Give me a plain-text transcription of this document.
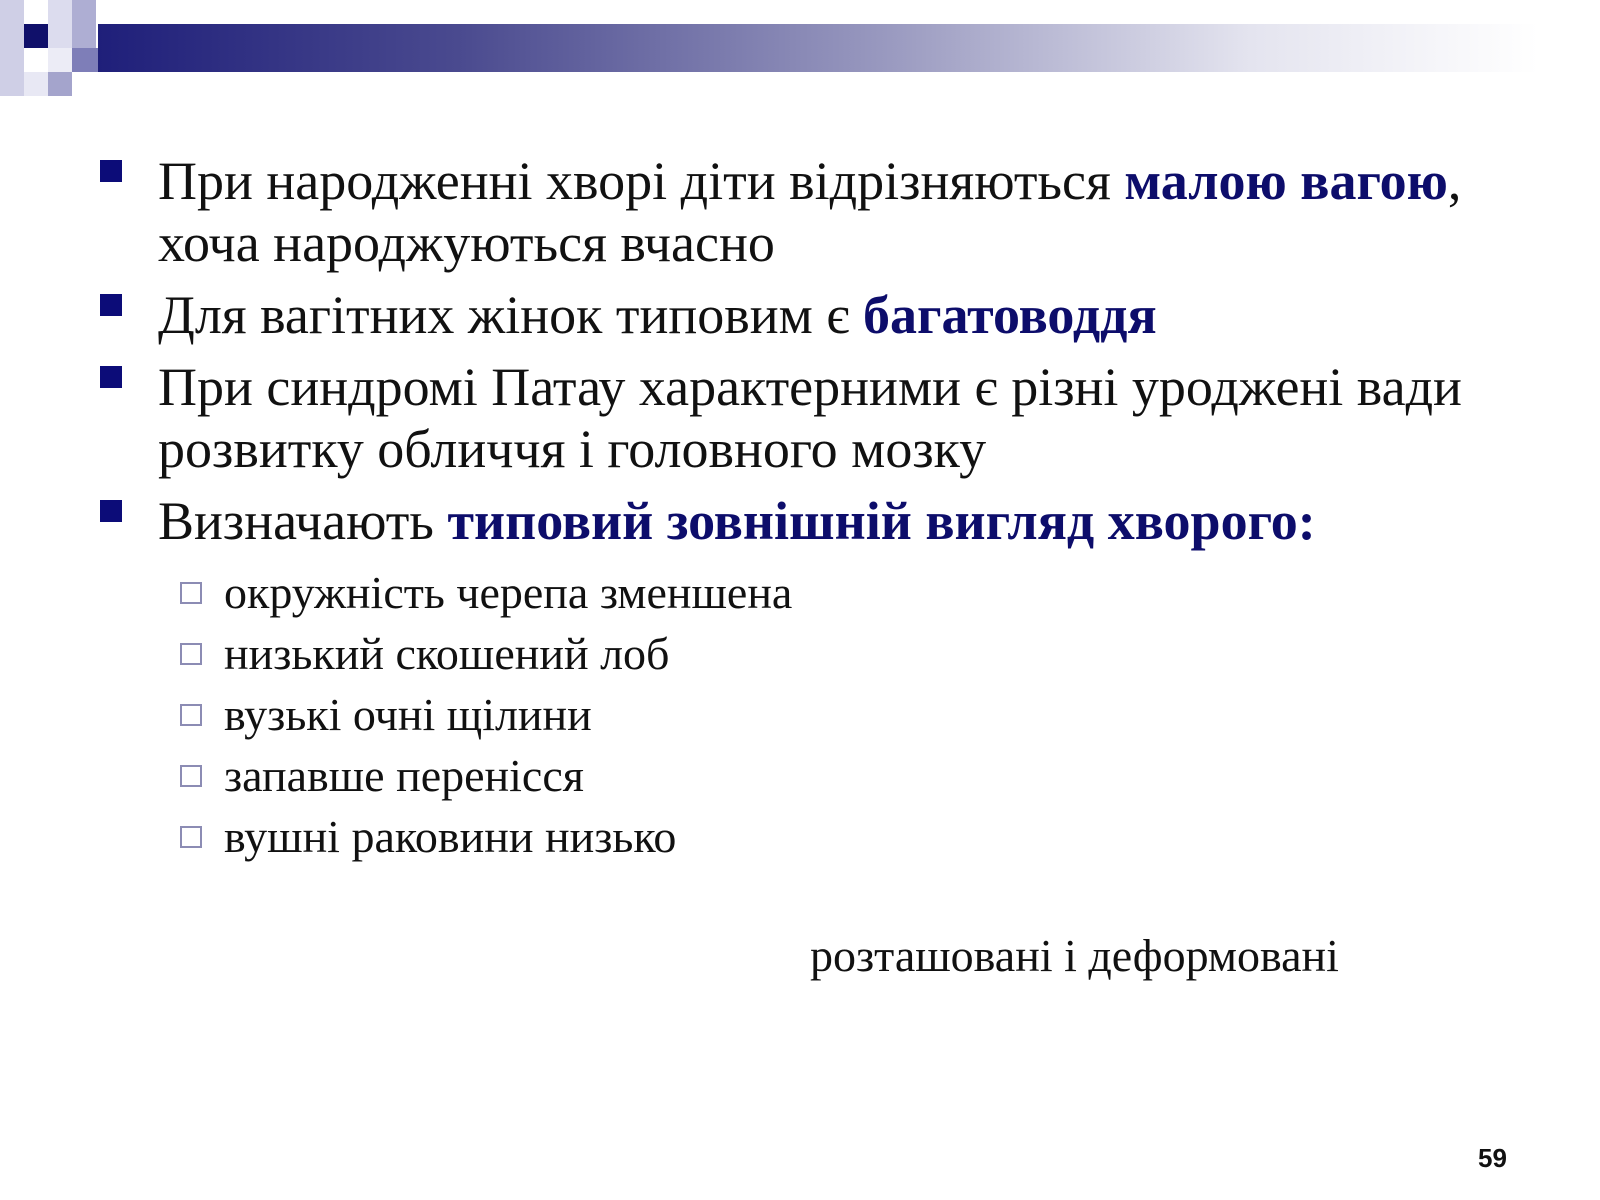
При народженні хворі діти відрізняються малою вагою, хоча народжуються вчасно
Для вагітних жінок типовим є багатоводдя
При синдромі Патау характерними є різні уроджені вади розвитку обличчя і головного мозку
Визначають типовий зовнішній вигляд хворого:
окружність черепа зменшена
низький скошений лоб
вузькі очні щілини
запавше перенісся
вушні раковини низько
розташовані і деформовані
59
